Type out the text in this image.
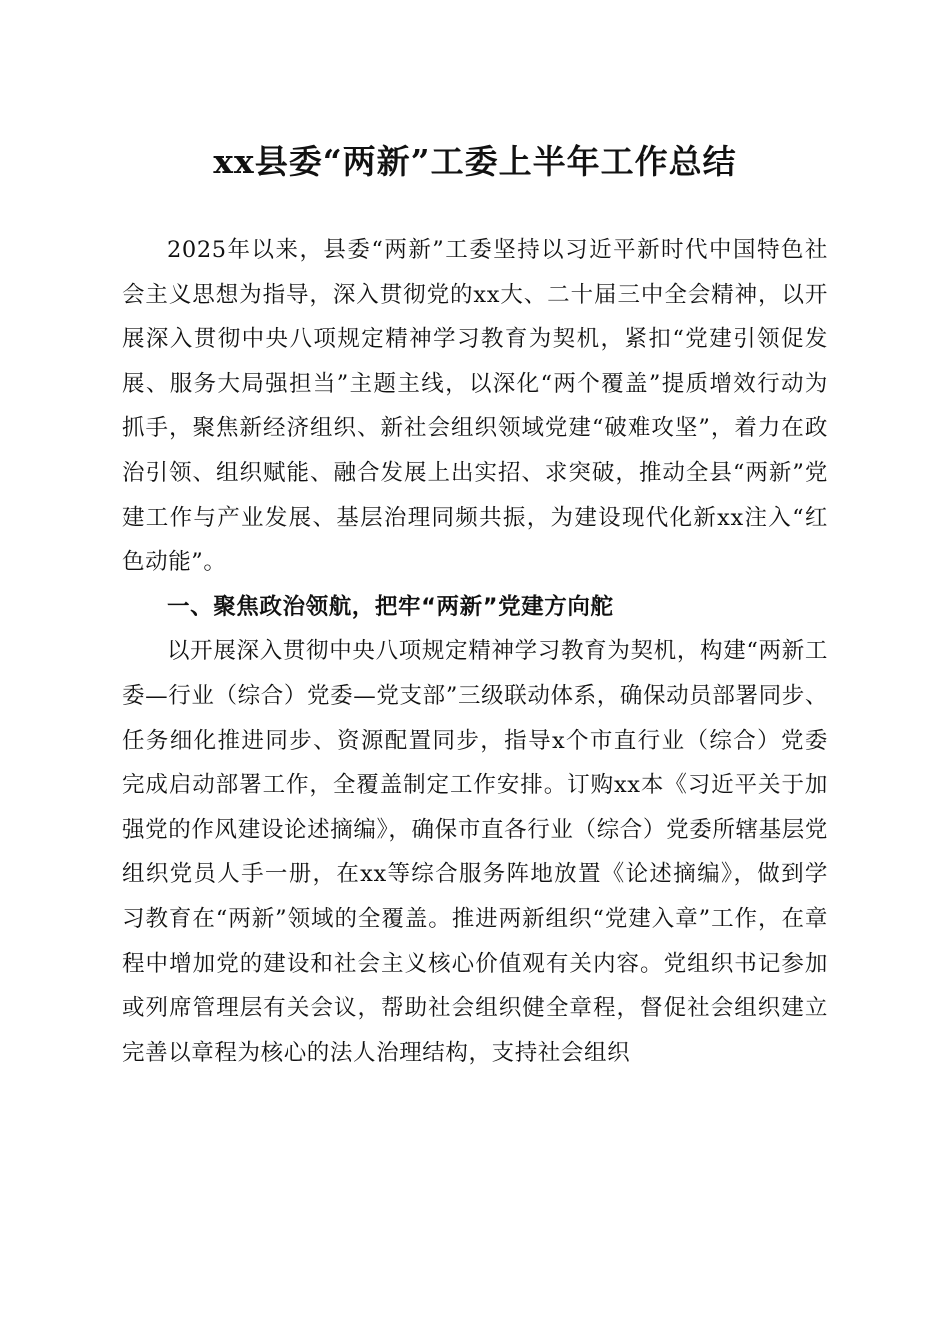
xx县委“两新”工委上半年工作总结

2025年以来，县委“两新”工委坚持以习近平新时代中国特色社会主义思想为指导，深入贯彻党的xx大、二十届三中全会精神，以开展深入贯彻中央八项规定精神学习教育为契机，紧扣“党建引领促发展、服务大局强担当”主题主线，以深化“两个覆盖”提质增效行动为抓手，聚焦新经济组织、新社会组织领域党建“破难攻坚”，着力在政治引领、组织赋能、融合发展上出实招、求突破，推动全县“两新”党建工作与产业发展、基层治理同频共振，为建设现代化新xx注入“红色动能”。

一、聚焦政治领航，把牢“两新”党建方向舵

以开展深入贯彻中央八项规定精神学习教育为契机，构建“两新工委—行业（综合）党委—党支部”三级联动体系，确保动员部署同步、任务细化推进同步、资源配置同步，指导x个市直行业（综合）党委完成启动部署工作，全覆盖制定工作安排。订购xx本《习近平关于加强党的作风建设论述摘编》，确保市直各行业（综合）党委所辖基层党组织党员人手一册，在xx等综合服务阵地放置《论述摘编》，做到学习教育在“两新”领域的全覆盖。推进两新组织“党建入章”工作，在章程中增加党的建设和社会主义核心价值观有关内容。党组织书记参加或列席管理层有关会议，帮助社会组织健全章程，督促社会组织建立完善以章程为核心的法人治理结构，支持社会组织
